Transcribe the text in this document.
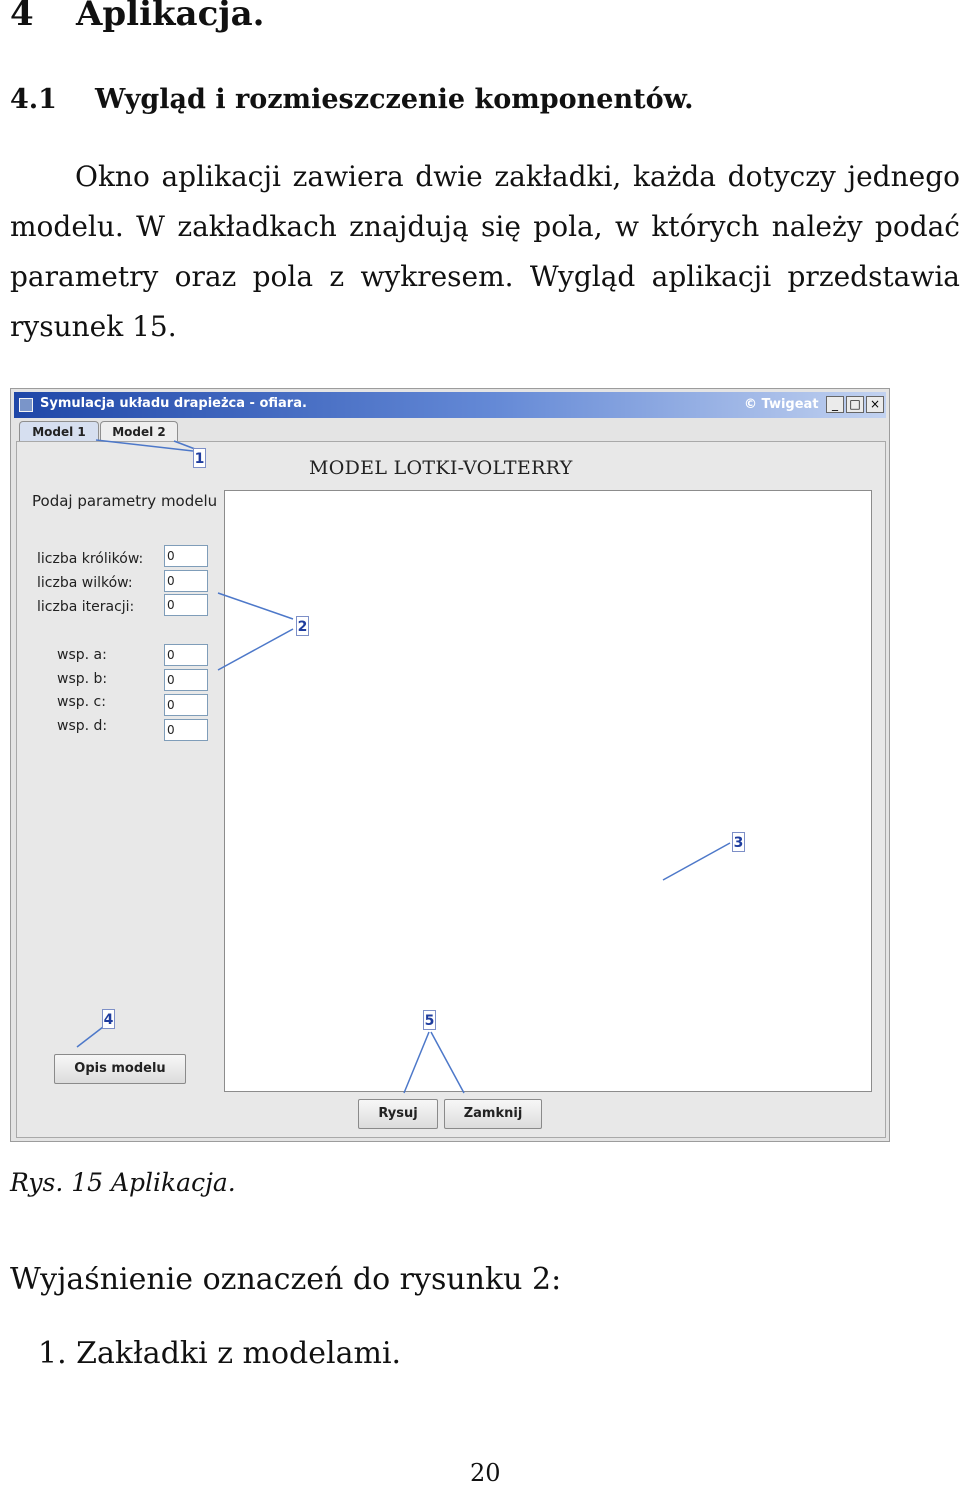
4 Aplikacja.
4.1 Wygląd i rozmieszczenie komponentów.
Okno aplikacji zawiera dwie zakładki, każda dotyczy jednego modelu. W zakładkach znajdują się pola, w których należy podać parametry oraz pola z wykresem. Wygląd aplikacji przedstawia rysunek 15.
Symulacja układu drapieżca - ofiara.	© Twigeat	_ □ ×
Model 1	Model 2
MODEL LOTKI-VOLTERRY
Podaj parametry modelu
liczba królików: 0
liczba wilków:	0
liczba iteracji:	0
wsp. a:	0
wsp. b:	0
wsp. c:	0
wsp. d:	0
Opis modelu
Rysuj	Zamknij
1
2
3
4	5
Rys. 15 Aplikacja.
Wyjaśnienie oznaczeń do rysunku 2:
1. Zakładki z modelami.
20
